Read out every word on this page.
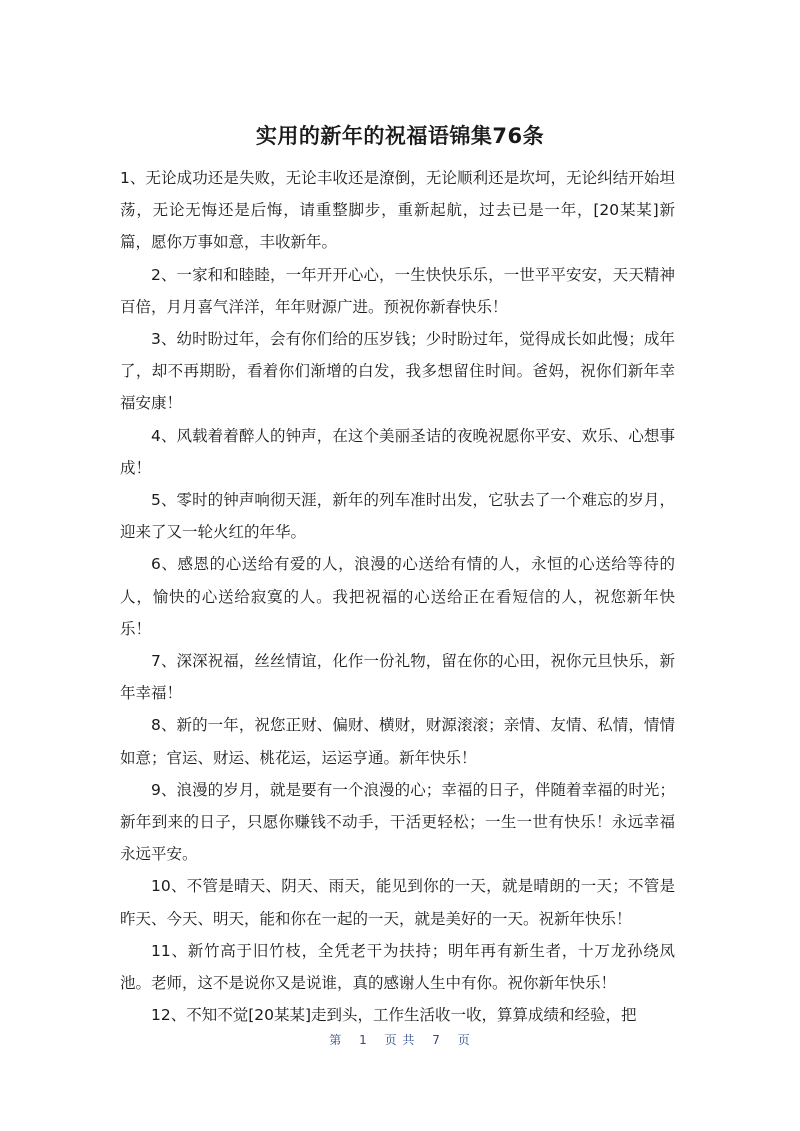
实用的新年的祝福语锦集76条

1、无论成功还是失败，无论丰收还是潦倒，无论顺利还是坎坷，无论纠结开始坦荡，无论无悔还是后悔，请重整脚步，重新起航，过去已是一年，[20某某]新篇，愿你万事如意，丰收新年。

2、一家和和睦睦，一年开开心心，一生快快乐乐，一世平平安安，天天精神百倍，月月喜气洋洋，年年财源广进。预祝你新春快乐！

3、幼时盼过年，会有你们给的压岁钱；少时盼过年，觉得成长如此慢；成年了，却不再期盼，看着你们渐增的白发，我多想留住时间。爸妈，祝你们新年幸福安康！

4、风载着着醉人的钟声，在这个美丽圣诘的夜晚祝愿你平安、欢乐、心想事成！

5、零时的钟声响彻天涯，新年的列车准时出发，它驮去了一个难忘的岁月，迎来了又一轮火红的年华。

6、感恩的心送给有爱的人，浪漫的心送给有情的人，永恒的心送给等待的人，愉快的心送给寂寞的人。我把祝福的心送给正在看短信的人，祝您新年快乐！

7、深深祝福，丝丝情谊，化作一份礼物，留在你的心田，祝你元旦快乐，新年幸福！

8、新的一年，祝您正财、偏财、横财，财源滚滚；亲情、友情、私情，情情如意；官运、财运、桃花运，运运亨通。新年快乐！

9、浪漫的岁月，就是要有一个浪漫的心；幸福的日子，伴随着幸福的时光；新年到来的日子，只愿你赚钱不动手，干活更轻松；一生一世有快乐！永远幸福永远平安。

10、不管是晴天、阴天、雨天，能见到你的一天，就是晴朗的一天；不管是昨天、今天、明天，能和你在一起的一天，就是美好的一天。祝新年快乐！

11、新竹高于旧竹枝，全凭老干为扶持；明年再有新生者，十万龙孙绕凤池。老师，这不是说你又是说谁，真的感谢人生中有你。祝你新年快乐！

12、不知不觉[20某某]走到头，工作生活收一收，算算成绩和经验，把

第 1 页 共 7 页
